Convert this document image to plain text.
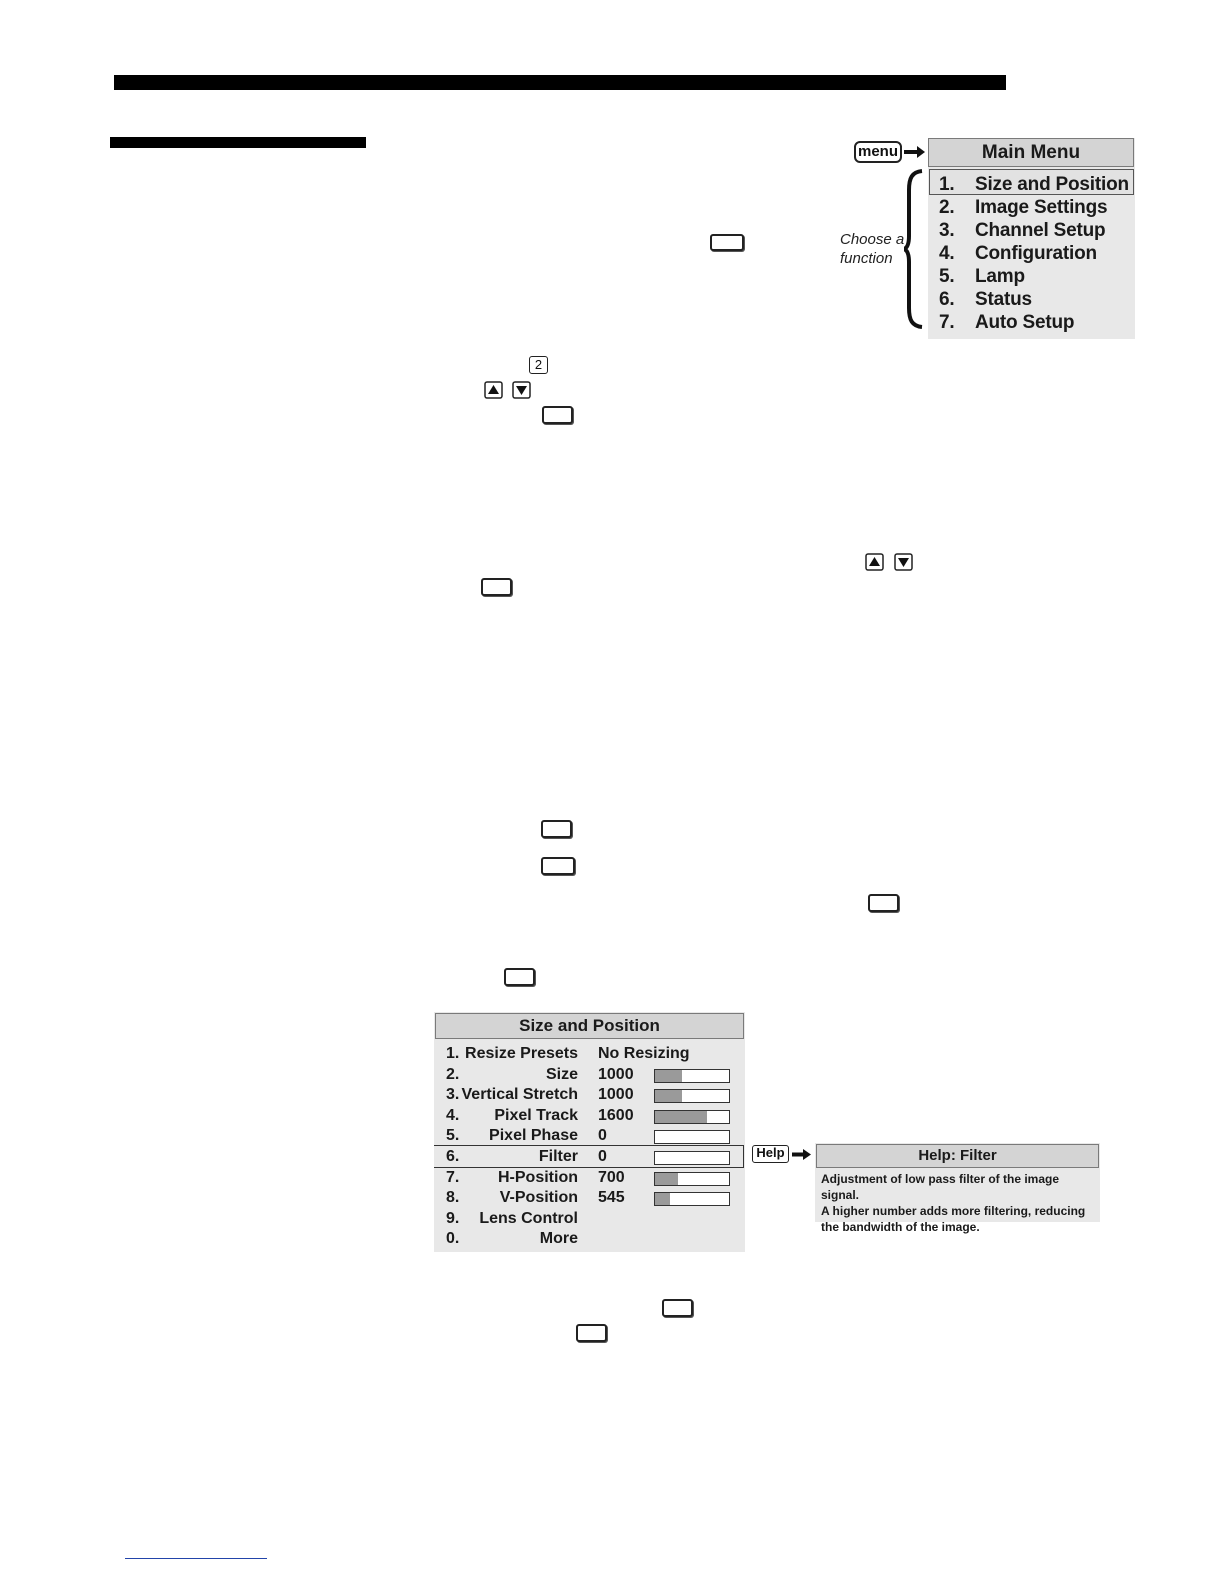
menu	Main Menu
1. Size and Position
2. Image Settings
3. Channel Setup
4. Configuration
5. Lamp
6. Status
7. Auto Setup
Choose a
function
2
Size and Position
1. Resize Presets No Resizing
2.	Size 1000
3. Vertical Stretch 1000
4. Pixel Track 1600
5. Pixel Phase 0
6.	Filter 0
7. H-Position 700
8.	V-Position 545
9. Lens Control
0.	More
Help	Help: Filter
Adjustment of low pass filter of the image signal.
A higher number adds more filtering, reducing
the bandwidth of the image.
